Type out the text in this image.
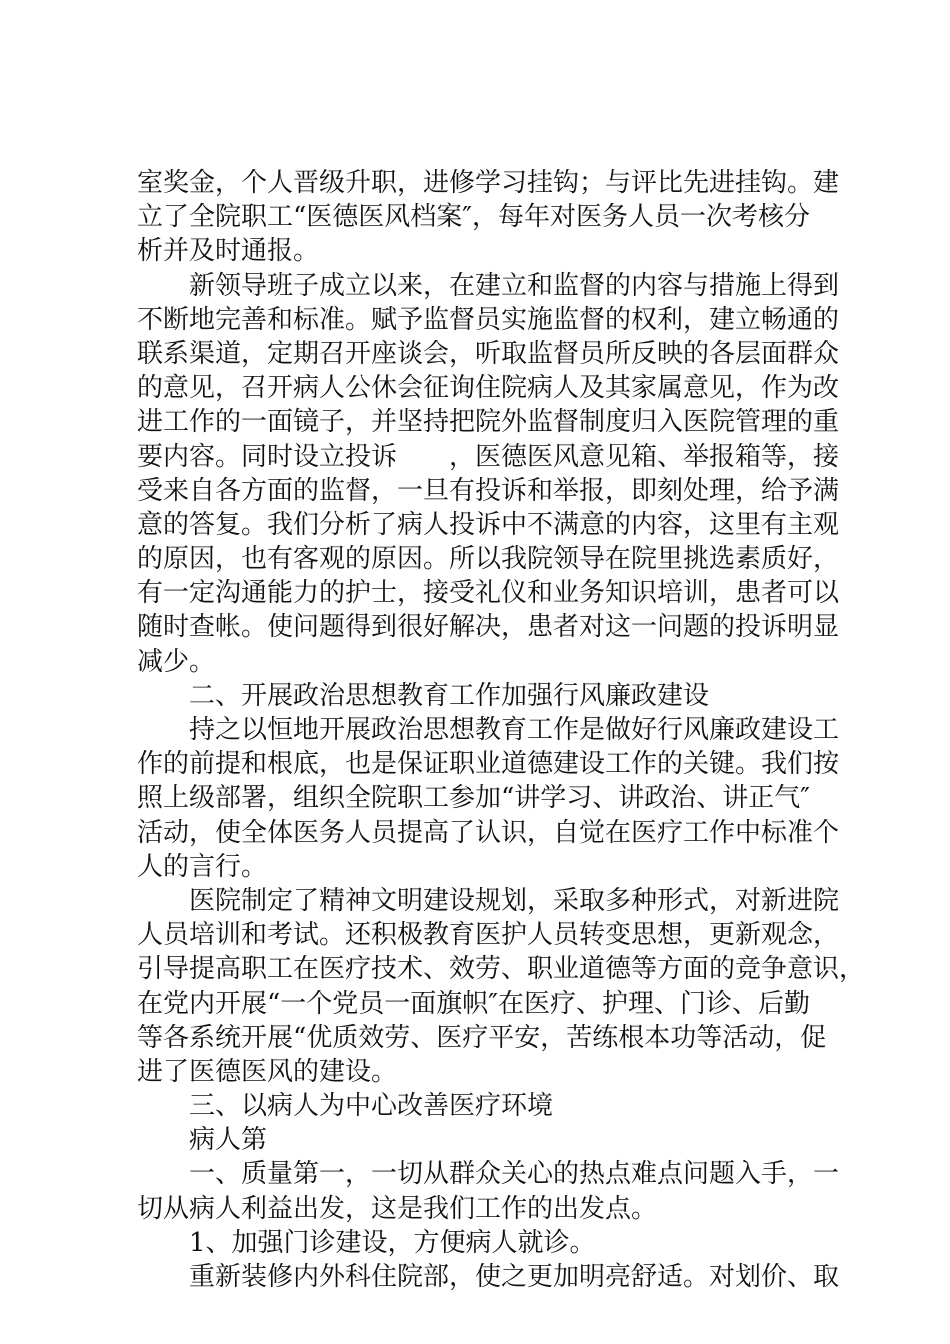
室奖金，个人晋级升职，进修学习挂钩；与评比先进挂钩。建
立了全院职工“医德医风档案″，每年对医务人员一次考核分
析并及时通报。
新领导班子成立以来，在建立和监督的内容与措施上得到
不断地完善和标准。赋予监督员实施监督的权利，建立畅通的
联系渠道，定期召开座谈会，听取监督员所反映的各层面群众
的意见，召开病人公休会征询住院病人及其家属意见，作为改
进工作的一面镜子，并坚持把院外监督制度归入医院管理的重
要内容。同时设立投诉　　，医德医风意见箱、举报箱等，接
受来自各方面的监督，一旦有投诉和举报，即刻处理，给予满
意的答复。我们分析了病人投诉中不满意的内容，这里有主观
的原因，也有客观的原因。所以我院领导在院里挑选素质好，
有一定沟通能力的护士，接受礼仪和业务知识培训，患者可以
随时查帐。使问题得到很好解决，患者对这一问题的投诉明显
减少。
二、开展政治思想教育工作加强行风廉政建设
持之以恒地开展政治思想教育工作是做好行风廉政建设工
作的前提和根底，也是保证职业道德建设工作的关键。我们按
照上级部署，组织全院职工参加“讲学习、讲政治、讲正气″
活动，使全体医务人员提高了认识，自觉在医疗工作中标准个
人的言行。
医院制定了精神文明建设规划，采取多种形式，对新进院
人员培训和考试。还积极教育医护人员转变思想，更新观念，
引导提高职工在医疗技术、效劳、职业道德等方面的竞争意识，
在党内开展“一个党员一面旗帜″在医疗、护理、门诊、后勤
等各系统开展“优质效劳、医疗平安，苦练根本功等活动，促
进了医德医风的建设。
三、以病人为中心改善医疗环境
病人第
一、质量第一，一切从群众关心的热点难点问题入手，一
切从病人利益出发，这是我们工作的出发点。
1、加强门诊建设，方便病人就诊。
重新装修内外科住院部，使之更加明亮舒适。对划价、取
